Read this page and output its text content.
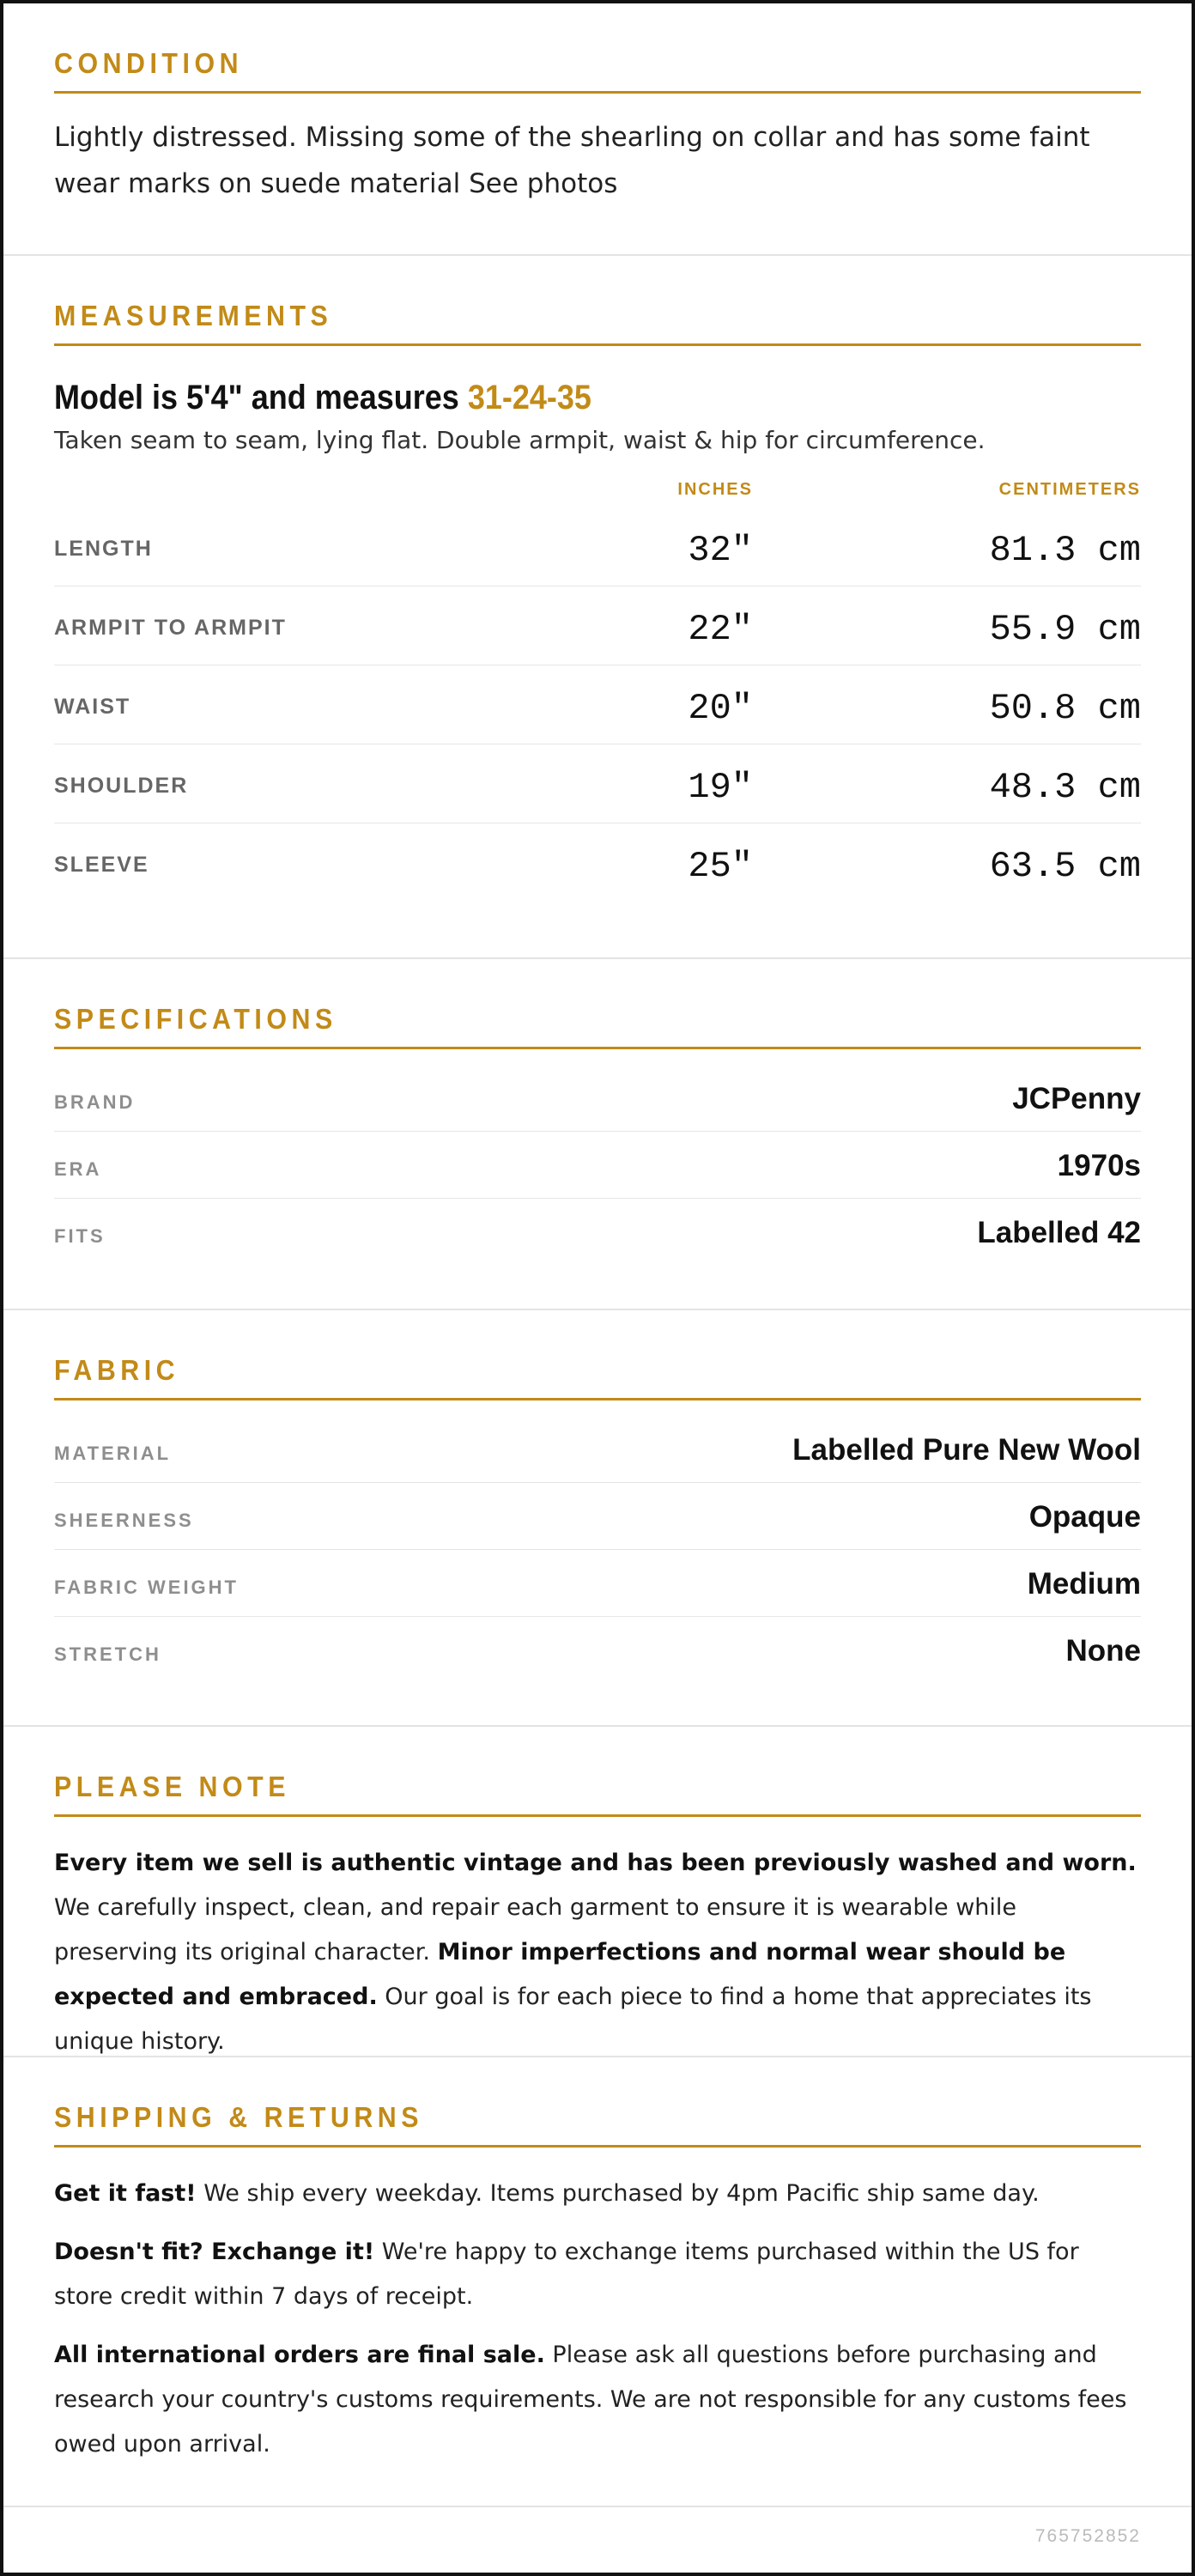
CONDITION

Lightly distressed. Missing some of the shearling on collar and has some faint wear marks on suede material See photos

MEASUREMENTS
Model is 5'4" and measures 31-24-35
Taken seam to seam, lying flat. Double armpit, waist & hip for circumference.
INCHES	CENTIMETERS
LENGTH	32"	81.3 cm
ARMPIT TO ARMPIT	22"	55.9 cm
WAIST	20"	50.8 cm
SHOULDER	19"	48.3 cm
SLEEVE	25"	63.5 cm
SPECIFICATIONS
BRAND	JCPenny
ERA	1970s
FITS	Labelled 42
FABRIC
MATERIAL	Labelled Pure New Wool
SHEERNESS	Opaque
FABRIC WEIGHT	Medium
STRETCH	None
PLEASE NOTE

Every item we sell is authentic vintage and has been previously washed and worn. We carefully inspect, clean, and repair each garment to ensure it is wearable while preserving its original character. Minor imperfections and normal wear should be expected and embraced. Our goal is for each piece to find a home that appreciates its unique history.

SHIPPING & RETURNS

Get it fast! We ship every weekday. Items purchased by 4pm Pacific ship same day.

Doesn't fit? Exchange it! We're happy to exchange items purchased within the US for store credit within 7 days of receipt.

All international orders are final sale. Please ask all questions before purchasing and research your country's customs requirements. We are not responsible for any customs fees owed upon arrival.

765752852
